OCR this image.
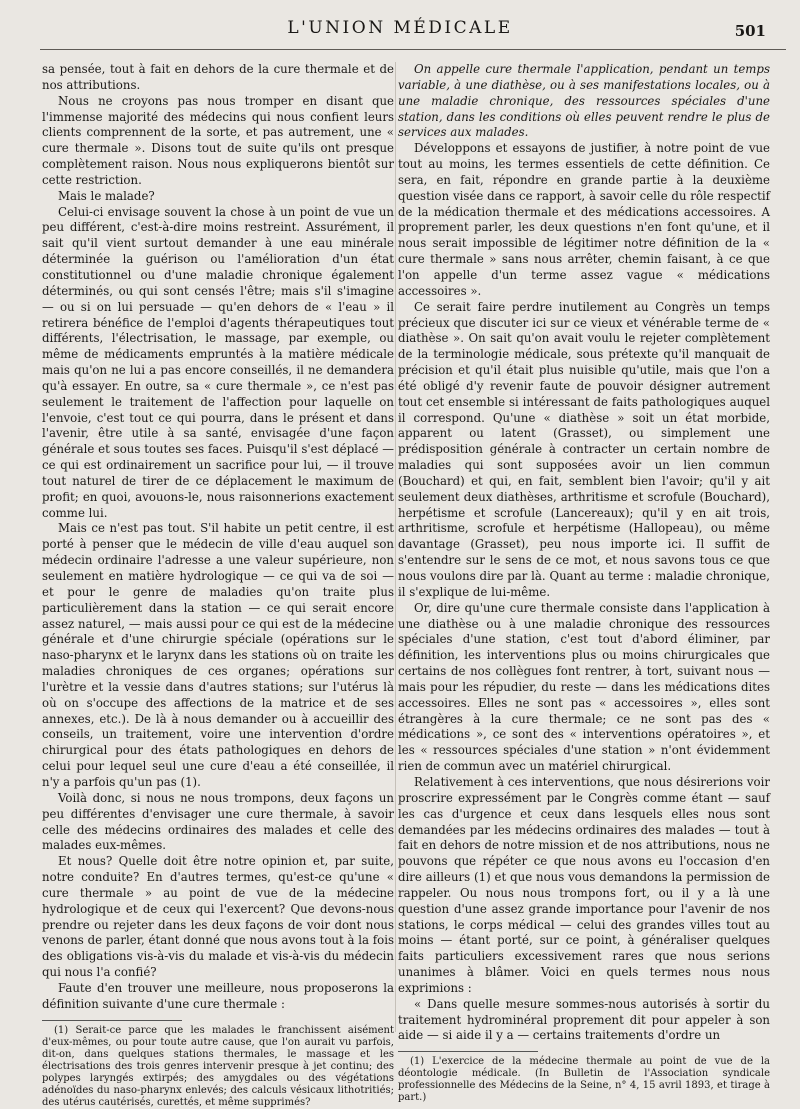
L'UNION MÉDICALE	501

sa pensée, tout à fait en dehors de la cure thermale et de nos attributions.

Nous ne croyons pas nous tromper en disant que l'immense majorité des médecins qui nous confient leurs clients comprennent de la sorte, et pas autrement, une « cure thermale ». Disons tout de suite qu'ils ont presque complètement raison. Nous nous expliquerons bientôt sur cette restriction.

Mais le malade?

Celui-ci envisage souvent la chose à un point de vue un peu différent, c'est-à-dire moins restreint. Assurément, il sait qu'il vient surtout demander à une eau minérale déterminée la guérison ou l'amélioration d'un état constitutionnel ou d'une maladie chronique également déterminés, ou qui sont censés l'être; mais s'il s'imagine — ou si on lui persuade — qu'en dehors de « l'eau » il retirera bénéfice de l'emploi d'agents thérapeutiques tout différents, l'électrisation, le massage, par exemple, ou même de médicaments empruntés à la matière médicale mais qu'on ne lui a pas encore conseillés, il ne demandera qu'à essayer. En outre, sa « cure thermale », ce n'est pas seulement le traitement de l'affection pour laquelle on l'envoie, c'est tout ce qui pourra, dans le présent et dans l'avenir, être utile à sa santé, envisagée d'une façon générale et sous toutes ses faces. Puisqu'il s'est déplacé — ce qui est ordinairement un sacrifice pour lui, — il trouve tout naturel de tirer de ce déplacement le maximum de profit; en quoi, avouons-le, nous raisonnerions exactement comme lui.

Mais ce n'est pas tout. S'il habite un petit centre, il est porté à penser que le médecin de ville d'eau auquel son médecin ordinaire l'adresse a une valeur supérieure, non seulement en matière hydrologique — ce qui va de soi — et pour le genre de maladies qu'on traite plus particulièrement dans la station — ce qui serait encore assez naturel, — mais aussi pour ce qui est de la médecine générale et d'une chirurgie spéciale (opérations sur le naso-pharynx et le larynx dans les stations où on traite les maladies chroniques de ces organes; opérations sur l'urètre et la vessie dans d'autres stations; sur l'utérus là où on s'occupe des affections de la matrice et de ses annexes, etc.). De là à nous demander ou à accueillir des conseils, un traitement, voire une intervention d'ordre chirurgical pour des états pathologiques en dehors de celui pour lequel seul une cure d'eau a été conseillée, il n'y a parfois qu'un pas (1).

Voilà donc, si nous ne nous trompons, deux façons un peu différentes d'envisager une cure thermale, à savoir celle des médecins ordinaires des malades et celle des malades eux-mêmes.

Et nous? Quelle doit être notre opinion et, par suite, notre conduite? En d'autres termes, qu'est-ce qu'une « cure thermale » au point de vue de la médecine hydrologique et de ceux qui l'exercent? Que devons-nous prendre ou rejeter dans les deux façons de voir dont nous venons de parler, étant donné que nous avons tout à la fois des obligations vis-à-vis du malade et vis-à-vis du médecin qui nous l'a confié?

Faute d'en trouver une meilleure, nous proposerons la définition suivante d'une cure thermale :

(1) Serait-ce parce que les malades le franchissent aisément d'eux-mêmes, ou pour toute autre cause, que l'on aurait vu parfois, dit-on, dans quelques stations thermales, le massage et les électrisations des trois genres intervenir presque à jet continu; des polypes laryngés extirpés; des amygdales ou des végétations adénoïdes du naso-pharynx enlevés; des calculs vésicaux lithotritiés; des utérus cautérisés, curettés, et même supprimés?

On appelle cure thermale l'application, pendant un temps variable, à une diathèse, ou à ses manifestations locales, ou à une maladie chronique, des ressources spéciales d'une station, dans les conditions où elles peuvent rendre le plus de services aux malades.

Développons et essayons de justifier, à notre point de vue tout au moins, les termes essentiels de cette définition. Ce sera, en fait, répondre en grande partie à la deuxième question visée dans ce rapport, à savoir celle du rôle respectif de la médication thermale et des médications accessoires. A proprement parler, les deux questions n'en font qu'une, et il nous serait impossible de légitimer notre définition de la « cure thermale » sans nous arrêter, chemin faisant, à ce que l'on appelle d'un terme assez vague « médications accessoires ».

Ce serait faire perdre inutilement au Congrès un temps précieux que discuter ici sur ce vieux et vénérable terme de « diathèse ». On sait qu'on avait voulu le rejeter complètement de la terminologie médicale, sous prétexte qu'il manquait de précision et qu'il était plus nuisible qu'utile, mais que l'on a été obligé d'y revenir faute de pouvoir désigner autrement tout cet ensemble si intéressant de faits pathologiques auquel il correspond. Qu'une « diathèse » soit un état morbide, apparent ou latent (Grasset), ou simplement une prédisposition générale à contracter un certain nombre de maladies qui sont supposées avoir un lien commun (Bouchard) et qui, en fait, semblent bien l'avoir; qu'il y ait seulement deux diathèses, arthritisme et scrofule (Bouchard), herpétisme et scrofule (Lancereaux); qu'il y en ait trois, arthritisme, scrofule et herpétisme (Hallopeau), ou même davantage (Grasset), peu nous importe ici. Il suffit de s'entendre sur le sens de ce mot, et nous savons tous ce que nous voulons dire par là. Quant au terme : maladie chronique, il s'explique de lui-même.

Or, dire qu'une cure thermale consiste dans l'application à une diathèse ou à une maladie chronique des ressources spéciales d'une station, c'est tout d'abord éliminer, par définition, les interventions plus ou moins chirurgicales que certains de nos collègues font rentrer, à tort, suivant nous — mais pour les répudier, du reste — dans les médications dites accessoires. Elles ne sont pas « accessoires », elles sont étrangères à la cure thermale; ce ne sont pas des « médications », ce sont des « interventions opératoires », et les « ressources spéciales d'une station » n'ont évidemment rien de commun avec un matériel chirurgical.

Relativement à ces interventions, que nous désirerions voir proscrire expressément par le Congrès comme étant — sauf les cas d'urgence et ceux dans lesquels elles nous sont demandées par les médecins ordinaires des malades — tout à fait en dehors de notre mission et de nos attributions, nous ne pouvons que répéter ce que nous avons eu l'occasion d'en dire ailleurs (1) et que nous vous demandons la permission de rappeler. Ou nous nous trompons fort, ou il y a là une question d'une assez grande importance pour l'avenir de nos stations, le corps médical — celui des grandes villes tout au moins — étant porté, sur ce point, à généraliser quelques faits particuliers excessivement rares que nous serions unanimes à blâmer. Voici en quels termes nous nous exprimions :

« Dans quelle mesure sommes-nous autorisés à sortir du traitement hydrominéral proprement dit pour appeler à son aide — si aide il y a — certains traitements d'ordre un

(1) L'exercice de la médecine thermale au point de vue de la déontologie médicale. (In Bulletin de l'Association syndicale professionnelle des Médecins de la Seine, n° 4, 15 avril 1893, et tirage à part.)
